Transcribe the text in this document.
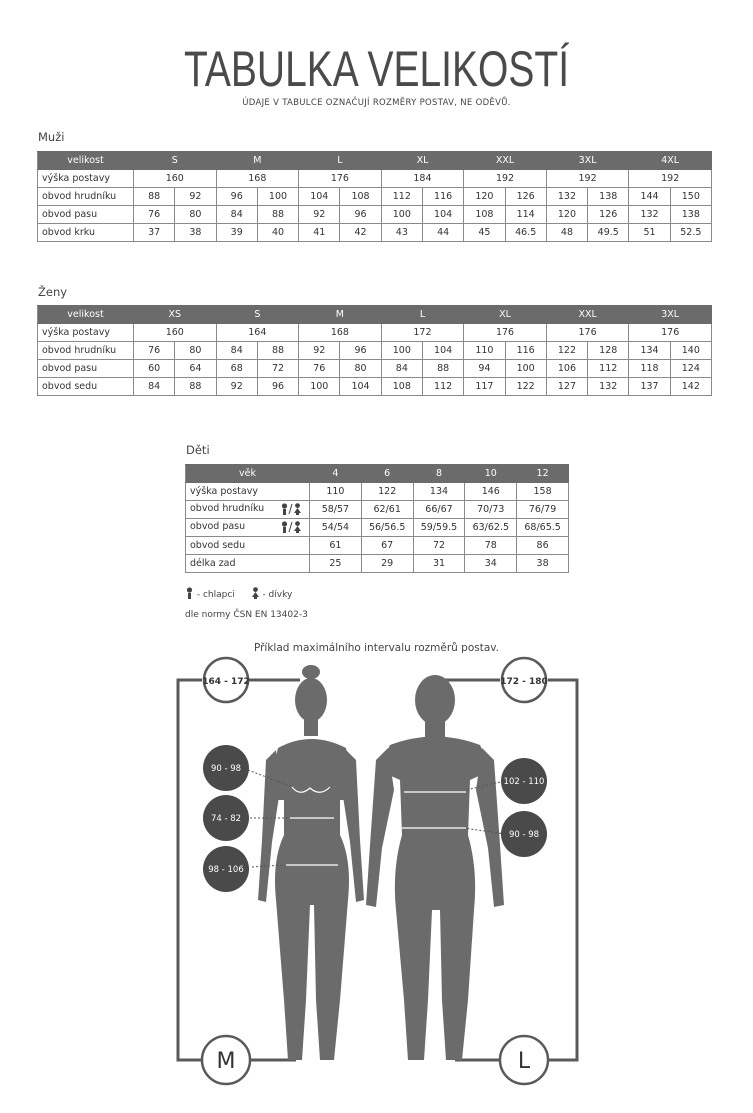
TABULKA VELIKOSTÍ
ÚDAJE V TABULCE OZNAČUJÍ ROZMĚRY POSTAV, NE ODĚVŮ.
Muži
velikost	S		M		L		XL		XXL		3XL		4XL	
výška postavy	160		168		176		184		192		192		192	
obvod hrudníku	88	92	96	100	104	108	112	116	120	126	132	138	144	150
obvod pasu	76	80	84	88	92	96	100	104	108	114	120	126	132	138
obvod krku	37	38	39	40	41	42	43	44	45	46.5	48	49.5	51	52.5
Ženy
velikost	XS		S		M		L		XL		XXL		3XL	
výška postavy	160		164		168		172		176		176		176	
obvod hrudníku	76	80	84	88	92	96	100	104	110	116	122	128	134	140
obvod pasu	60	64	68	72	76	80	84	88	94	100	106	112	118	124
obvod sedu	84	88	92	96	100	104	108	112	117	122	127	132	137	142
Děti
věk	4	6	8	10	12
výška postavy	110	122	134	146	158
obvod hrudníku	58/57	62/61	66/67	70/73	76/79
obvod pasu	54/54	56/56.5	59/59.5	63/62.5	68/65.5
obvod sedu	61	67	72	78	86
délka zad	25	29	31	34	38
- chlapci	- dívky
dle normy ČSN EN 13402-3
Příklad maximálního intervalu rozměrů postav.
164 - 172
90 - 98
74 - 82
98 - 106
M
172 - 180
102 - 110
90 - 98
L
